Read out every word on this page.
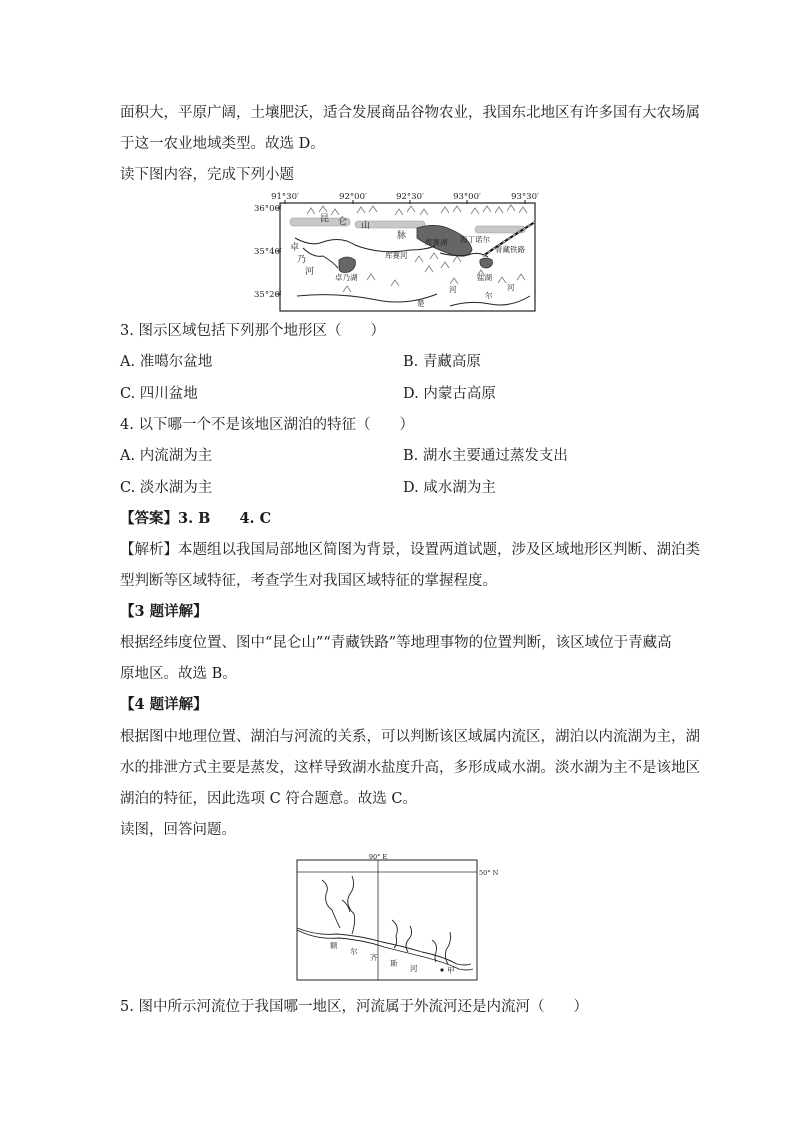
面积大，平原广阔，土壤肥沃，适合发展商品谷物农业，我国东北地区有许多国有大农场属
于这一农业地域类型。故选 D。
读下图内容，完成下列小题
91°30′	92°00′	92°30′	93°00′	93°30′
36°00′
35°40′
35°20′
昆 仑 山
脉
卓
乃
河
卓乃湖
库赛湖
库赛河
海丁诺尔
青藏铁路
盐湖
楚
河
尔
河
3. 图示区域包括下列那个地形区（　　）
A. 准噶尔盆地	B. 青藏高原
C. 四川盆地	D. 内蒙古高原
4. 以下哪一个不是该地区湖泊的特征（　　）
A. 内流湖为主	B. 湖水主要通过蒸发支出
C. 淡水湖为主	D. 咸水湖为主
【答案】3. B　　4. C
【解析】本题组以我国局部地区简图为背景，设置两道试题，涉及区域地形区判断、湖泊类
型判断等区域特征，考查学生对我国区域特征的掌握程度。
【3 题详解】
根据经纬度位置、图中“昆仑山”“青藏铁路”等地理事物的位置判断，该区域位于青藏高
原地区。故选 B。
【4 题详解】
根据图中地理位置、湖泊与河流的关系，可以判断该区域属内流区，湖泊以内流湖为主，湖
水的排泄方式主要是蒸发，这样导致湖水盐度升高，多形成咸水湖。淡水湖为主不是该地区
湖泊的特征，因此选项 C 符合题意。故选 C。
读图，回答问题。
90° E
50° N
额
尔
齐
斯
河	甲
5. 图中所示河流位于我国哪一地区，河流属于外流河还是内流河（　　）
